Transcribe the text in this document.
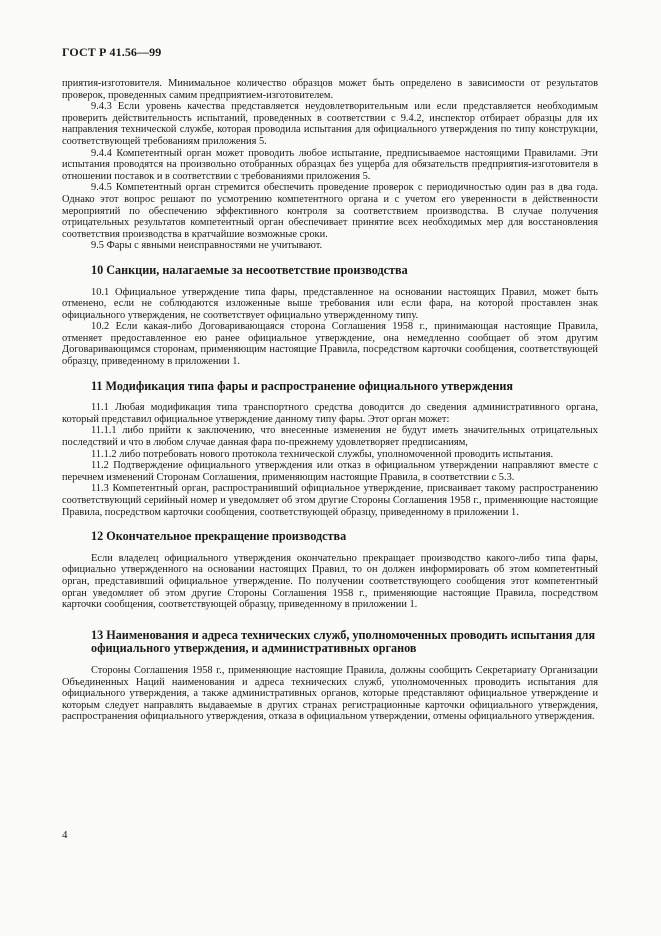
ГОСТ Р 41.56—99

приятия-изготовителя. Минимальное количество образцов может быть определено в зависимости от результатов проверок, проведенных самим предприятием-изготовителем.

9.4.3 Если уровень качества представляется неудовлетворительным или если представляется необходимым проверить действительность испытаний, проведенных в соответствии с 9.4.2, инспектор отбирает образцы для их направления технической службе, которая проводила испытания для официального утверждения по типу конструкции, соответствующей требованиям приложения 5.

9.4.4 Компетентный орган может проводить любое испытание, предписываемое настоящими Правилами. Эти испытания проводятся на произвольно отобранных образцах без ущерба для обязательств предприятия-изготовителя в отношении поставок и в соответствии с требованиями приложения 5.

9.4.5 Компетентный орган стремится обеспечить проведение проверок с периодичностью один раз в два года. Однако этот вопрос решают по усмотрению компетентного органа и с учетом его уверенности в действенности мероприятий по обеспечению эффективного контроля за соответствием производства. В случае получения отрицательных результатов компетентный орган обеспечивает принятие всех необходимых мер для восстановления соответствия производства в кратчайшие возможные сроки.

9.5 Фары с явными неисправностями не учитывают.

10 Санкции, налагаемые за несоответствие производства

10.1 Официальное утверждение типа фары, представленное на основании настоящих Правил, может быть отменено, если не соблюдаются изложенные выше требования или если фара, на которой проставлен знак официального утверждения, не соответствует официально утвержденному типу.

10.2 Если какая-либо Договаривающаяся сторона Соглашения 1958 г., принимающая настоящие Правила, отменяет предоставленное ею ранее официальное утверждение, она немедленно сообщает об этом другим Договаривающимся сторонам, применяющим настоящие Правила, посредством карточки сообщения, соответствующей образцу, приведенному в приложении 1.

11 Модификация типа фары и распространение официального утверждения

11.1 Любая модификация типа транспортного средства доводится до сведения административного органа, который представил официальное утверждение данному типу фары. Этот орган может:

11.1.1 либо прийти к заключению, что внесенные изменения не будут иметь значительных отрицательных последствий и что в любом случае данная фара по-прежнему удовлетворяет предписаниям,

11.1.2 либо потребовать нового протокола технической службы, уполномоченной проводить испытания.

11.2 Подтверждение официального утверждения или отказ в официальном утверждении направляют вместе с перечнем изменений Сторонам Соглашения, применяющим настоящие Правила, в соответствии с 5.3.

11.3 Компетентный орган, распространивший официальное утверждение, присваивает такому распространению соответствующий серийный номер и уведомляет об этом другие Стороны Соглашения 1958 г., применяющие настоящие Правила, посредством карточки сообщения, соответствующей образцу, приведенному в приложении 1.

12 Окончательное прекращение производства

Если владелец официального утверждения окончательно прекращает производство какого-либо типа фары, официально утвержденного на основании настоящих Правил, то он должен информировать об этом компетентный орган, представивший официальное утверждение. По получении соответствующего сообщения этот компетентный орган уведомляет об этом другие Стороны Соглашения 1958 г., применяющие настоящие Правила, посредством карточки сообщения, соответствующей образцу, приведенному в приложении 1.

13 Наименования и адреса технических служб, уполномоченных проводить испытания для официального утверждения, и административных органов

Стороны Соглашения 1958 г., применяющие настоящие Правила, должны сообщить Секретариату Организации Объединенных Наций наименования и адреса технических служб, уполномоченных проводить испытания для официального утверждения, а также административных органов, которые представляют официальное утверждение и которым следует направлять выдаваемые в других странах регистрационные карточки официального утверждения, распространения официального утверждения, отказа в официальном утверждении, отмены официального утверждения.

4
